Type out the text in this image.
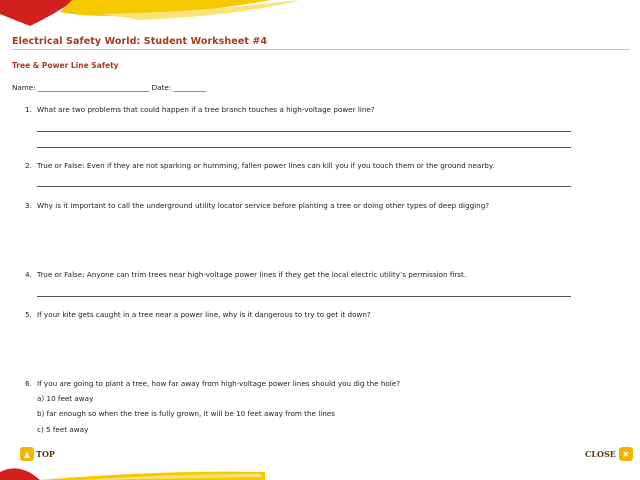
Electrical Safety World: Student Worksheet #4
Tree & Power Line Safety
Name: _______________________________ Date: _________
1. What are two problems that could happen if a tree branch touches a high-voltage power line?
2. True or False: Even if they are not sparking or humming, fallen power lines can kill you if you touch them or the ground nearby.
3. Why is it important to call the underground utility locator service before planting a tree or doing other types of deep digging?
4. True or False: Anyone can trim trees near high-voltage power lines if they get the local electric utility’s permission first.
5. If your kite gets caught in a tree near a power line, why is it dangerous to try to get it down?
6. If you are going to plant a tree, how far away from high-voltage power lines should you dig the hole?
a) 10 feet away
b) far enough so when the tree is fully grown, it will be 10 feet away from the lines
c) 5 feet away
▲ TOP	CLOSE ✕
